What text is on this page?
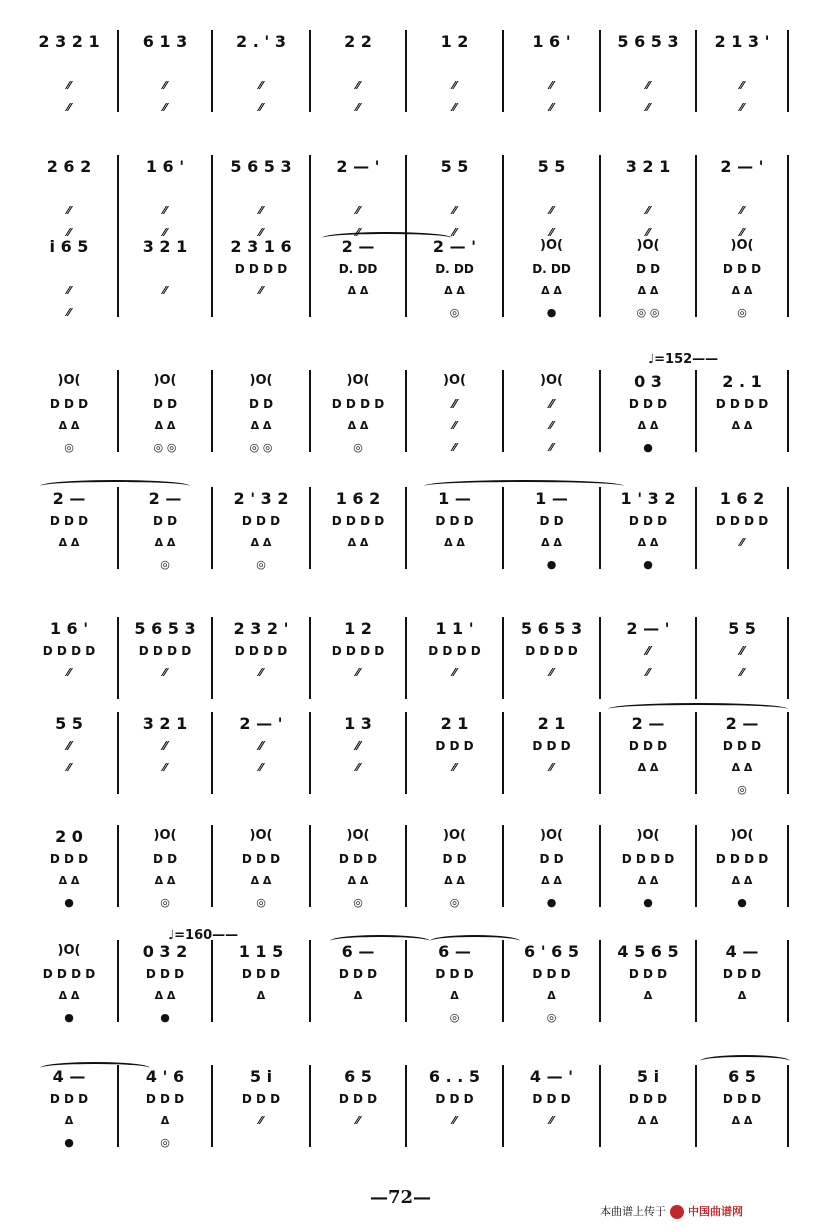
2 3 2 1
⁄⁄
⁄⁄
6 1 3
⁄⁄
⁄⁄
2 . ' 3
⁄⁄
⁄⁄
2 2
⁄⁄
⁄⁄
1 2
⁄⁄
⁄⁄
1 6 '
⁄⁄
⁄⁄
5 6 5 3
⁄⁄
⁄⁄
2 1 3 '
⁄⁄
⁄⁄
2 6 2
⁄⁄
⁄⁄
1 6 '
⁄⁄
⁄⁄
5 6 5 3
⁄⁄
⁄⁄
2 — '
⁄⁄
⁄⁄
5 5
⁄⁄
⁄⁄
5 5
⁄⁄
⁄⁄
3 2 1
⁄⁄
⁄⁄
2 — '
⁄⁄
⁄⁄
i 6 5
⁄⁄
⁄⁄
3 2 1
⁄⁄
2 3 1 6
D D D D
⁄⁄
2 —
D. DD
Δ Δ
2 — '
D. DD
Δ Δ
◎
)O(
D. DD
Δ Δ
●
)O(
D D
Δ Δ
◎ ◎
)O(
D D D
Δ Δ
◎
)O(
D D D
Δ Δ
◎
)O(
D D
Δ Δ
◎ ◎
)O(
D D
Δ Δ
◎ ◎
)O(
D D D D
Δ Δ
◎
)O(
⁄⁄
⁄⁄
⁄⁄
)O(
⁄⁄
⁄⁄
⁄⁄
0 3
D D D
Δ Δ
●
2 . 1
D D D D
Δ Δ
2 —
D D D
Δ Δ
2 —
D D
Δ Δ
◎
2 ' 3 2
D D D
Δ Δ
◎
1 6 2
D D D D
Δ Δ
1 —
D D D
Δ Δ
1 —
D D
Δ Δ
●
1 ' 3 2
D D D
Δ Δ
●
1 6 2
D D D D
⁄⁄
1 6 '
D D D D
⁄⁄
5 6 5 3
D D D D
⁄⁄
2 3 2 '
D D D D
⁄⁄
1 2
D D D D
⁄⁄
1 1 '
D D D D
⁄⁄
5 6 5 3
D D D D
⁄⁄
2 — '
⁄⁄
⁄⁄
5 5
⁄⁄
⁄⁄
5 5
⁄⁄
⁄⁄
3 2 1
⁄⁄
⁄⁄
2 — '
⁄⁄
⁄⁄
1 3
⁄⁄
⁄⁄
2 1
D D D
⁄⁄
2 1
D D D
⁄⁄
2 —
D D D
Δ Δ
2 —
D D D
Δ Δ
◎
2 0
D D D
Δ Δ
●
)O(
D D
Δ Δ
◎
)O(
D D D
Δ Δ
◎
)O(
D D D
Δ Δ
◎
)O(
D D
Δ Δ
◎
)O(
D D
Δ Δ
●
)O(
D D D D
Δ Δ
●
)O(
D D D D
Δ Δ
●
)O(
D D D D
Δ Δ
●
0 3 2
D D D
Δ Δ
●
1 1 5
D D D
Δ
6 —
D D D
Δ
6 —
D D D
Δ
◎
6 ' 6 5
D D D
Δ
◎
4 5 6 5
D D D
Δ
4 —
D D D
Δ
4 —
D D D
Δ
●
4 ' 6
D D D
Δ
◎
5 i
D D D
⁄⁄
6 5
D D D
⁄⁄
6 . . 5
D D D
⁄⁄
4 — '
D D D
⁄⁄
5 i
D D D
Δ Δ
6 5
D D D
Δ Δ
—72—
本曲谱上传于 中国曲谱网
♩=152——
♩=160——
